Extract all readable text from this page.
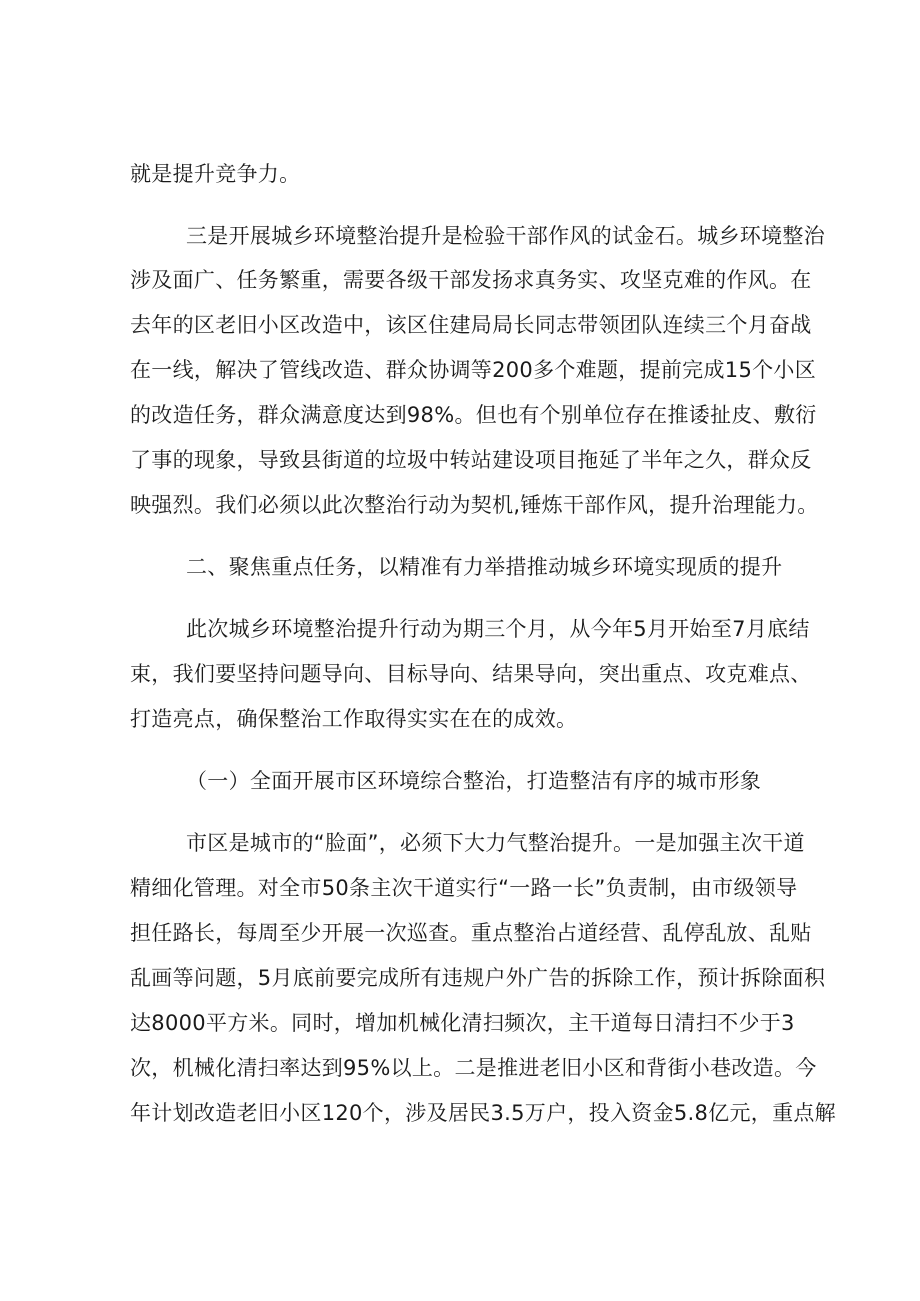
就是提升竞争力。
三是开展城乡环境整治提升是检验干部作风的试金石。城乡环境整治
涉及面广、任务繁重，需要各级干部发扬求真务实、攻坚克难的作风。在
去年的区老旧小区改造中，该区住建局局长同志带领团队连续三个月奋战
在一线，解决了管线改造、群众协调等200多个难题，提前完成15个小区
的改造任务，群众满意度达到98%。但也有个别单位存在推诿扯皮、敷衍
了事的现象，导致县街道的垃圾中转站建设项目拖延了半年之久，群众反
映强烈。我们必须以此次整治行动为契机,锤炼干部作风，提升治理能力。
二、聚焦重点任务，以精准有力举措推动城乡环境实现质的提升
此次城乡环境整治提升行动为期三个月，从今年5月开始至7月底结
束，我们要坚持问题导向、目标导向、结果导向，突出重点、攻克难点、
打造亮点，确保整治工作取得实实在在的成效。
（一）全面开展市区环境综合整治，打造整洁有序的城市形象
市区是城市的“脸面”，必须下大力气整治提升。一是加强主次干道
精细化管理。对全市50条主次干道实行“一路一长”负责制，由市级领导
担任路长，每周至少开展一次巡查。重点整治占道经营、乱停乱放、乱贴
乱画等问题，5月底前要完成所有违规户外广告的拆除工作，预计拆除面积
达8000平方米。同时，增加机械化清扫频次，主干道每日清扫不少于3
次，机械化清扫率达到95%以上。二是推进老旧小区和背街小巷改造。今
年计划改造老旧小区120个，涉及居民3.5万户，投入资金5.8亿元，重点解
